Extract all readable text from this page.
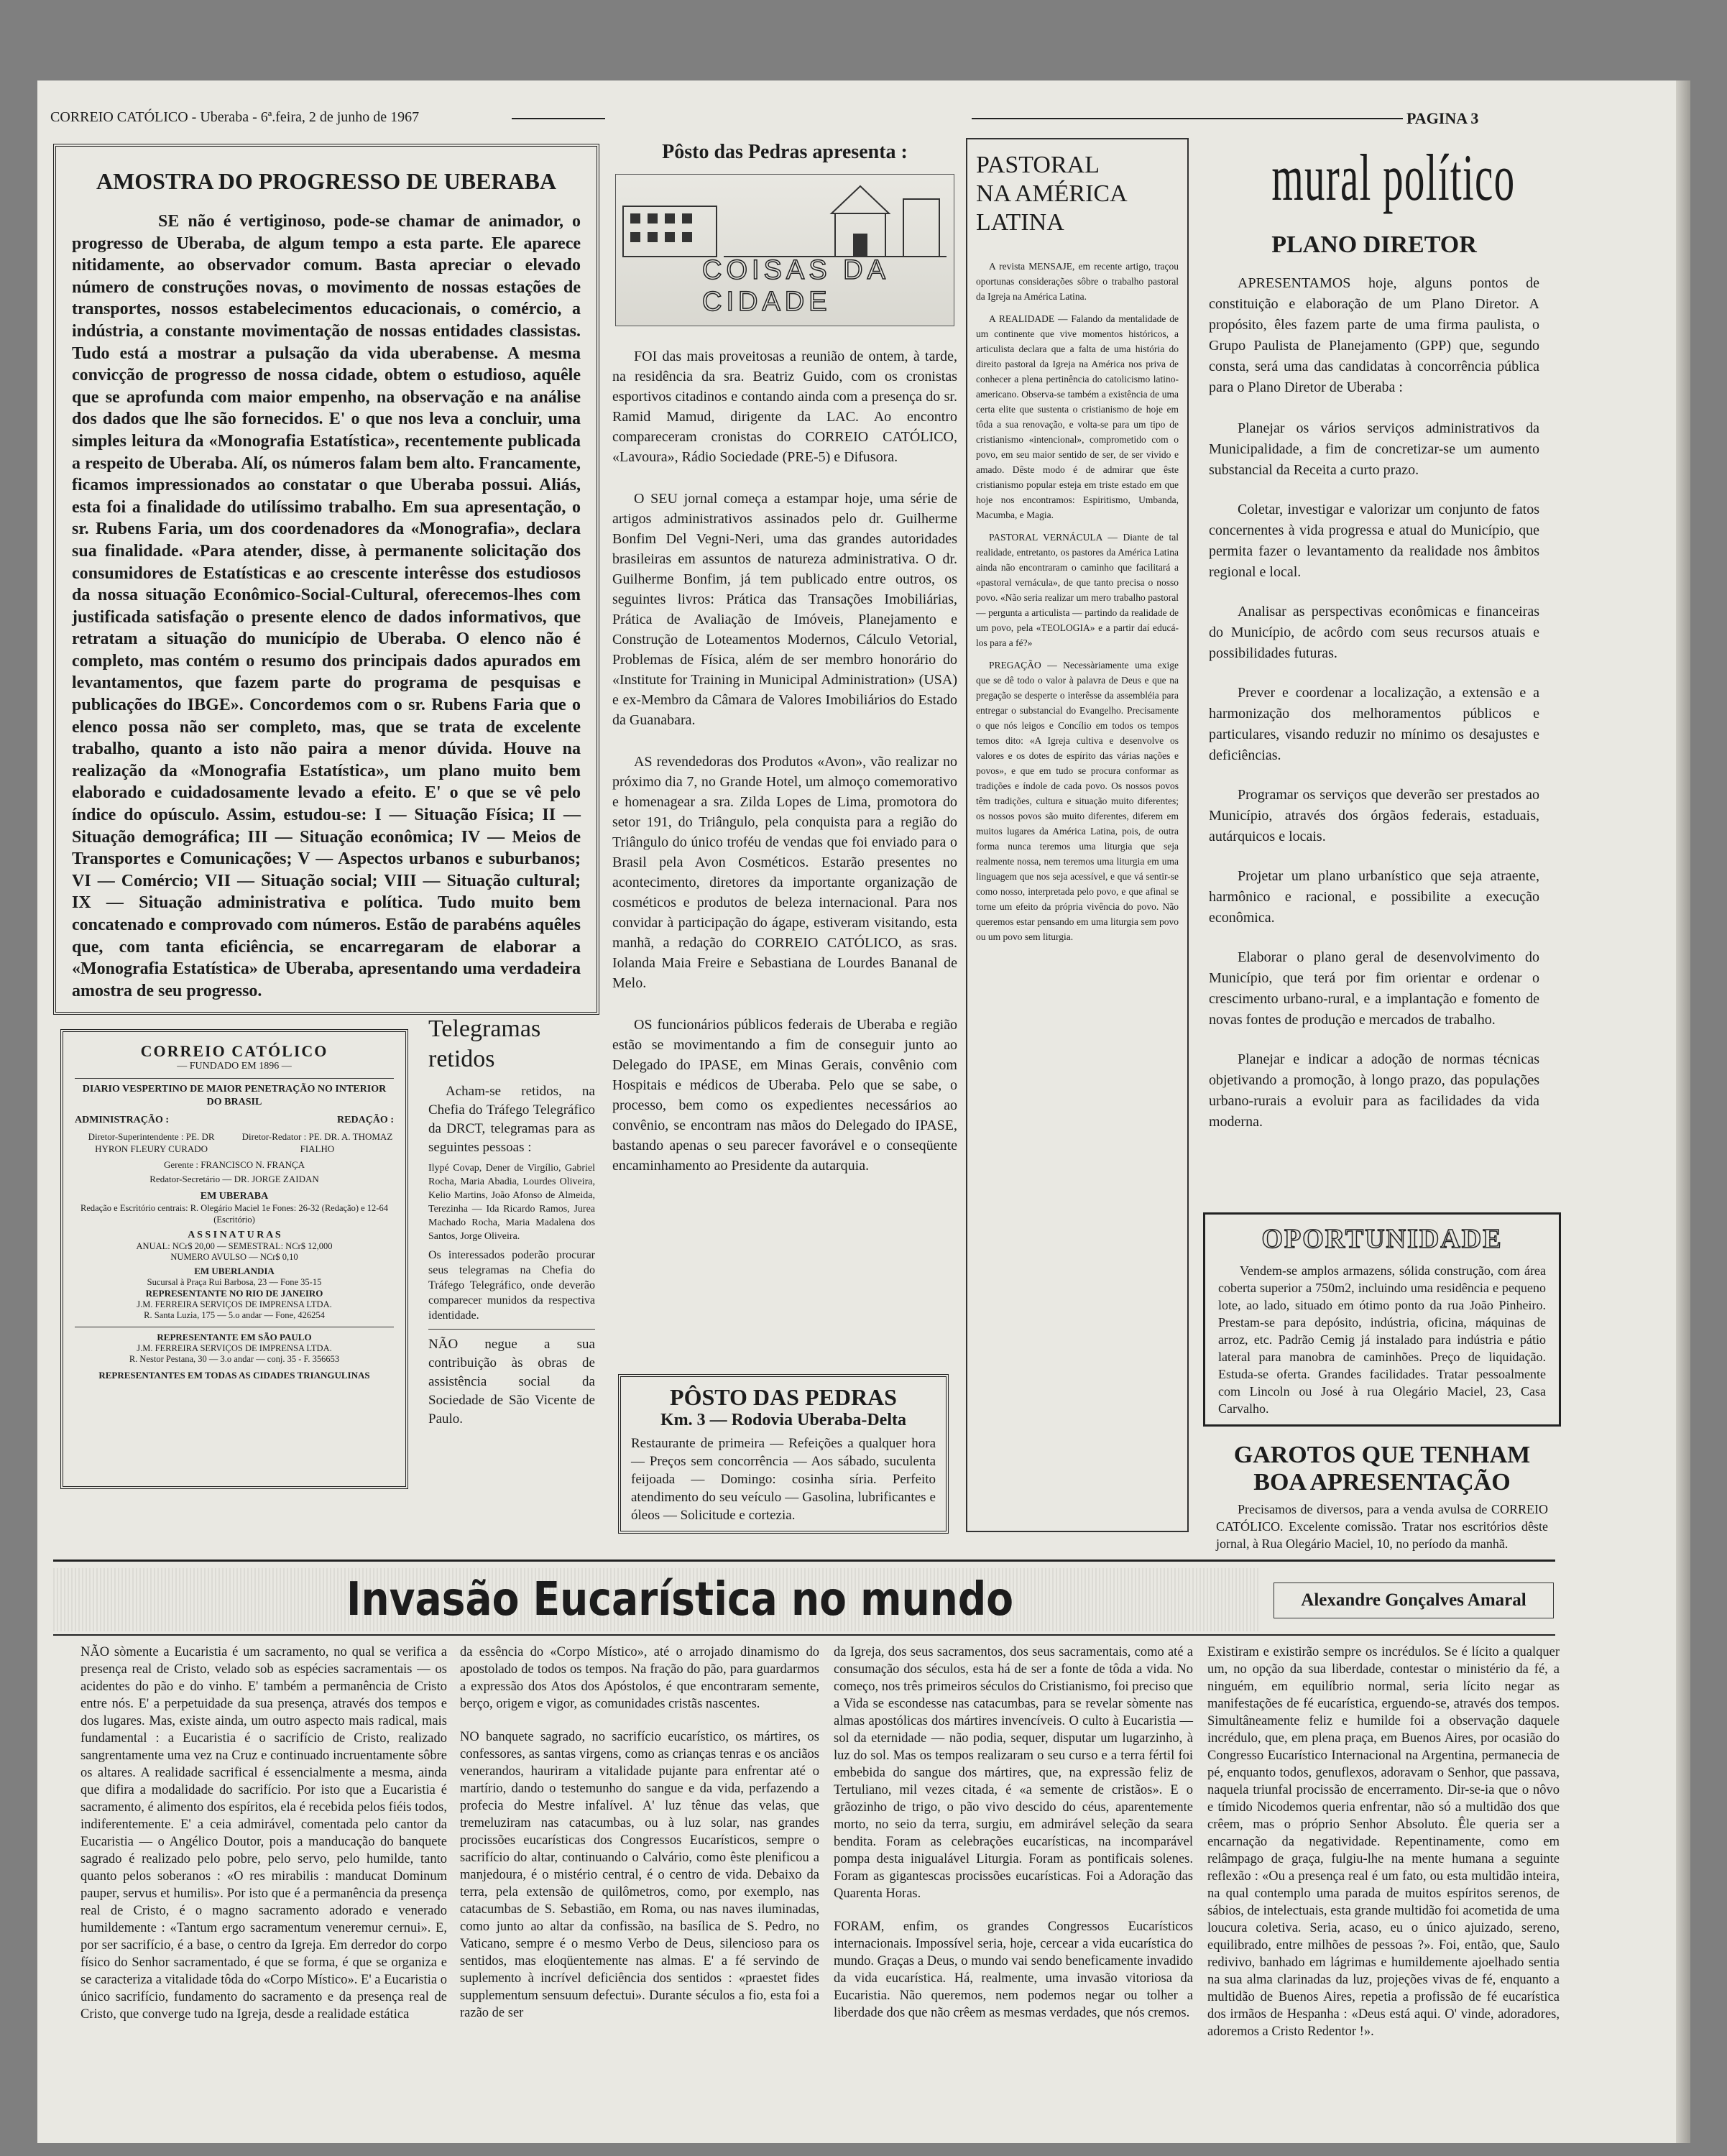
CORREIO CATÓLICO - Uberaba - 6ª.feira, 2 de junho de 1967	PAGINA 3
AMOSTRA DO PROGRESSO DE UBERABA

SE não é vertiginoso, pode-se chamar de animador, o progresso de Uberaba, de algum tempo a esta parte. Ele aparece nitidamente, ao observador comum. Basta apreciar o elevado número de construções novas, o movimento de nossas estações de transportes, nossos estabelecimentos educacionais, o comércio, a indústria, a constante movimentação de nossas entidades classistas. Tudo está a mostrar a pulsação da vida uberabense. A mesma convicção de progresso de nossa cidade, obtem o estudioso, aquêle que se aprofunda com maior empenho, na observação e na análise dos dados que lhe são fornecidos. E' o que nos leva a concluir, uma simples leitura da «Monografia Estatística», recentemente publicada a respeito de Uberaba. Alí, os números falam bem alto. Francamente, ficamos impressionados ao constatar o que Uberaba possui. Aliás, esta foi a finalidade do utilíssimo trabalho. Em sua apresentação, o sr. Rubens Faria, um dos coordenadores da «Monografia», declara sua finalidade. «Para atender, disse, à permanente solicitação dos consumidores de Estatísticas e ao crescente interêsse dos estudiosos da nossa situação Econômico-Social-Cultural, oferecemos-lhes com justificada satisfação o presente elenco de dados informativos, que retratam a situação do município de Uberaba. O elenco não é completo, mas contém o resumo dos principais dados apurados em levantamentos, que fazem parte do programa de pesquisas e publicações do IBGE». Concordemos com o sr. Rubens Faria que o elenco possa não ser completo, mas, que se trata de excelente trabalho, quanto a isto não paira a menor dúvida. Houve na realização da «Monografia Estatística», um plano muito bem elaborado e cuidadosamente levado a efeito. E' o que se vê pelo índice do opúsculo. Assim, estudou-se: I — Situação Física; II — Situação demográfica; III — Situação econômica; IV — Meios de Transportes e Comunicações; V — Aspectos urbanos e suburbanos; VI — Comércio; VII — Situação social; VIII — Situação cultural; IX — Situação administrativa e política. Tudo muito bem concatenado e comprovado com números. Estão de parabéns aquêles que, com tanta eficiência, se encarregaram de elaborar a «Monografia Estatística» de Uberaba, apresentando uma verdadeira amostra de seu progresso.

CORREIO CATÓLICO
— FUNDADO EM 1896 —
DIARIO VESPERTINO DE MAIOR PENETRAÇÃO NO INTERIOR DO BRASIL
ADMINISTRAÇÃO :	REDAÇÃO :
Diretor-Superintendente : PE. DR HYRON FLEURY CURADO
Diretor-Redator : PE. DR. A. THOMAZ FIALHO
Gerente : FRANCISCO N. FRANÇA
Redator-Secretário — DR. JORGE ZAIDAN
EM UBERABA
Redação e Escritório centrais: R. Olegário Maciel 1e Fones: 26-32 (Redação) e 12-64 (Escritório)
A S S I N A T U R A S
ANUAL: NCr$ 20,00 — SEMESTRAL: NCr$ 12,000
NUMERO AVULSO — NCr$ 0,10
EM UBERLANDIA
Sucursal à Praça Rui Barbosa, 23 — Fone 35-15
REPRESENTANTE NO RIO DE JANEIRO
J.M. FERREIRA SERVIÇOS DE IMPRENSA LTDA.
R. Santa Luzia, 175 — 5.o andar — Fone, 426254
REPRESENTANTE EM SÃO PAULO
J.M. FERREIRA SERVIÇOS DE IMPRENSA LTDA.
R. Nestor Pestana, 30 — 3.o andar — conj. 35 - F. 356653
REPRESENTANTES EM TODAS AS CIDADES TRIANGULINAS
Telegramas
retidos

Acham-se retidos, na Chefia do Tráfego Telegráfico da DRCT, telegramas para as seguintes pessoas :

Ilypé Covap, Dener de Virgílio, Gabriel Rocha, Maria Abadia, Lourdes Oliveira, Kelio Martins, João Afonso de Almeida, Terezinha — Ida Ricardo Ramos, Jurea Machado Rocha, Maria Madalena dos Santos, Jorge Oliveira.

Os interessados poderão procurar seus telegramas na Chefia do Tráfego Telegráfico, onde deverão comparecer munidos da respectiva identidade.

NÃO negue a sua contribuição às obras de assistência social da Sociedade de São Vicente de Paulo.

Pôsto das Pedras apresenta :
COISAS DA
CIDADE

FOI das mais proveitosas a reunião de ontem, à tarde, na residência da sra. Beatriz Guido, com os cronistas esportivos citadinos e contando ainda com a presença do sr. Ramid Mamud, dirigente da LAC. Ao encontro compareceram cronistas do CORREIO CATÓLICO, «Lavoura», Rádio Sociedade (PRE-5) e Difusora.

O SEU jornal começa a estampar hoje, uma série de artigos administrativos assinados pelo dr. Guilherme Bonfim Del Vegni-Neri, uma das grandes autoridades brasileiras em assuntos de natureza administrativa. O dr. Guilherme Bonfim, já tem publicado entre outros, os seguintes livros: Prática das Transações Imobiliárias, Prática de Avaliação de Imóveis, Planejamento e Construção de Loteamentos Modernos, Cálculo Vetorial, Problemas de Física, além de ser membro honorário do «Institute for Training in Municipal Administration» (USA) e ex-Membro da Câmara de Valores Imobiliários do Estado da Guanabara.

AS revendedoras dos Produtos «Avon», vão realizar no próximo dia 7, no Grande Hotel, um almoço comemorativo e homenagear a sra. Zilda Lopes de Lima, promotora do setor 191, do Triângulo, pela conquista para a região do Triângulo do único troféu de vendas que foi enviado para o Brasil pela Avon Cosméticos. Estarão presentes no acontecimento, diretores da importante organização de cosméticos e produtos de beleza internacional. Para nos convidar à participação do ágape, estiveram visitando, esta manhã, a redação do CORREIO CATÓLICO, as sras. Iolanda Maia Freire e Sebastiana de Lourdes Bananal de Melo.

OS funcionários públicos federais de Uberaba e região estão se movimentando a fim de conseguir junto ao Delegado do IPASE, em Minas Gerais, convênio com Hospitais e médicos de Uberaba. Pelo que se sabe, o processo, bem como os expedientes necessários ao convênio, se encontram nas mãos do Delegado do IPASE, bastando apenas o seu parecer favorável e o conseqüente encaminhamento ao Presidente da autarquia.

PÔSTO DAS PEDRAS
Km. 3 — Rodovia Uberaba-Delta

Restaurante de primeira — Refeições a qualquer hora — Preços sem concorrência — Aos sábado, suculenta feijoada — Domingo: cosinha síria. Perfeito atendimento do seu veículo — Gasolina, lubrificantes e óleos — Solicitude e cortezia.

PASTORAL
NA AMÉRICA
LATINA

A revista MENSAJE, em recente artigo, traçou oportunas considerações sôbre o trabalho pastoral da Igreja na América Latina.

A REALIDADE — Falando da mentalidade de um continente que vive momentos históricos, a articulista declara que a falta de uma história do direito pastoral da Igreja na América nos priva de conhecer a plena pertinência do catolicismo latino-americano. Observa-se também a existência de uma certa elite que sustenta o cristianismo de hoje em tôda a sua renovação, e volta-se para um tipo de cristianismo «intencional», comprometido com o povo, em seu maior sentido de ser, de ser vivido e amado. Dêste modo é de admirar que êste cristianismo popular esteja em triste estado em que hoje nos encontramos: Espiritismo, Umbanda, Macumba, e Magia.

PASTORAL VERNÁCULA — Diante de tal realidade, entretanto, os pastores da América Latina ainda não encontraram o caminho que facilitará a «pastoral vernácula», de que tanto precisa o nosso povo. «Não seria realizar um mero trabalho pastoral — pergunta a articulista — partindo da realidade de um povo, pela «TEOLOGIA» e a partir daí educá-los para a fé?»

PREGAÇÃO — Necessàriamente uma exige que se dê todo o valor à palavra de Deus e que na pregação se desperte o interêsse da assembléia para entregar o substancial do Evangelho. Precisamente o que nós leigos e Concílio em todos os tempos temos dito: «A Igreja cultiva e desenvolve os valores e os dotes de espírito das várias nações e povos», e que em tudo se procura conformar as tradições e índole de cada povo. Os nossos povos têm tradições, cultura e situação muito diferentes; os nossos povos são muito diferentes, diferem em muitos lugares da América Latina, pois, de outra forma nunca teremos uma liturgia que seja realmente nossa, nem teremos uma liturgia em uma linguagem que nos seja acessível, e que vá sentir-se como nosso, interpretada pelo povo, e que afinal se torne um efeito da própria vivência do povo. Não queremos estar pensando em uma liturgia sem povo ou um povo sem liturgia.

mural político
PLANO DIRETOR

APRESENTAMOS hoje, alguns pontos de constituição e elaboração de um Plano Diretor. A propósito, êles fazem parte de uma firma paulista, o Grupo Paulista de Planejamento (GPP) que, segundo consta, será uma das candidatas à concorrência pública para o Plano Diretor de Uberaba :

Planejar os vários serviços administrativos da Municipalidade, a fim de concretizar-se um aumento substancial da Receita a curto prazo.

Coletar, investigar e valorizar um conjunto de fatos concernentes à vida progressa e atual do Município, que permita fazer o levantamento da realidade nos âmbitos regional e local.

Analisar as perspectivas econômicas e financeiras do Município, de acôrdo com seus recursos atuais e possibilidades futuras.

Prever e coordenar a localização, a extensão e a harmonização dos melhoramentos públicos e particulares, visando reduzir no mínimo os desajustes e deficiências.

Programar os serviços que deverão ser prestados ao Município, através dos órgãos federais, estaduais, autárquicos e locais.

Projetar um plano urbanístico que seja atraente, harmônico e racional, e possibilite a execução econômica.

Elaborar o plano geral de desenvolvimento do Município, que terá por fim orientar e ordenar o crescimento urbano-rural, e a implantação e fomento de novas fontes de produção e mercados de trabalho.

Planejar e indicar a adoção de normas técnicas objetivando a promoção, à longo prazo, das populações urbano-rurais a evoluir para as facilidades da vida moderna.

OPORTUNIDADE

Vendem-se amplos armazens, sólida construção, com área coberta superior a 750m2, incluindo uma residência e pequeno lote, ao lado, situado em ótimo ponto da rua João Pinheiro. Prestam-se para depósito, indústria, oficina, máquinas de arroz, etc. Padrão Cemig já instalado para indústria e pátio lateral para manobra de caminhões. Preço de liquidação. Estuda-se oferta. Grandes facilidades. Tratar pessoalmente com Lincoln ou José à rua Olegário Maciel, 23, Casa Carvalho.

GAROTOS QUE TENHAM
BOA APRESENTAÇÃO

Precisamos de diversos, para a venda avulsa de CORREIO CATÓLICO. Excelente comissão. Tratar nos escritórios dêste jornal, à Rua Olegário Maciel, 10, no período da manhã.

Invasão Eucarística no mundo	Alexandre Gonçalves Amaral

NÃO sòmente a Eucaristia é um sacramento, no qual se verifica a presença real de Cristo, velado sob as espécies sacramentais — os acidentes do pão e do vinho. E' também a permanência de Cristo entre nós. E' a perpetuidade da sua presença, através dos tempos e dos lugares. Mas, existe ainda, um outro aspecto mais radical, mais fundamental : a Eucaristia é o sacrifício de Cristo, realizado sangrentamente uma vez na Cruz e continuado incruentamente sôbre os altares. A realidade sacrifical é essencialmente a mesma, ainda que difira a modalidade do sacrifício. Por isto que a Eucaristia é sacramento, é alimento dos espíritos, ela é recebida pelos fiéis todos, indiferentemente. E' a ceia admirável, comentada pelo cantor da Eucaristia — o Angélico Doutor, pois a manducação do banquete sagrado é realizado pelo pobre, pelo servo, pelo humilde, tanto quanto pelos soberanos : «O res mirabilis : manducat Dominum pauper, servus et humilis». Por isto que é a permanência da presença real de Cristo, é o magno sacramento adorado e venerado humildemente : «Tantum ergo sacramentum veneremur cernui». E, por ser sacrifício, é a base, o centro da Igreja. Em derredor do corpo físico do Senhor sacramentado, é que se forma, é que se organiza e se caracteriza a vitalidade tôda do «Corpo Místico». E' a Eucaristia o único sacrifício, fundamento do sacramento e da presença real de Cristo, que converge tudo na Igreja, desde a realidade estática

da essência do «Corpo Místico», até o arrojado dinamismo do apostolado de todos os tempos. Na fração do pão, para guardarmos a expressão dos Atos dos Apóstolos, é que encontraram semente, berço, origem e vigor, as comunidades cristãs nascentes.

NO banquete sagrado, no sacrifício eucarístico, os mártires, os confessores, as santas virgens, como as crianças tenras e os anciãos venerandos, hauriram a vitalidade pujante para enfrentar até o martírio, dando o testemunho do sangue e da vida, perfazendo a profecia do Mestre infalível. A' luz tênue das velas, que tremeluziram nas catacumbas, ou à luz solar, nas grandes procissões eucarísticas dos Congressos Eucarísticos, sempre o sacrifício do altar, continuando o Calvário, como êste plenificou a manjedoura, é o mistério central, é o centro de vida. Debaixo da terra, pela extensão de quilômetros, como, por exemplo, nas catacumbas de S. Sebastião, em Roma, ou nas naves iluminadas, como junto ao altar da confissão, na basílica de S. Pedro, no Vaticano, sempre é o mesmo Verbo de Deus, silencioso para os sentidos, mas eloqüentemente nas almas. E' a fé servindo de suplemento à incrível deficiência dos sentidos : «praestet fides supplementum sensuum defectui». Durante séculos a fio, esta foi a razão de ser

da Igreja, dos seus sacramentos, dos seus sacramentais, como até a consumação dos séculos, esta há de ser a fonte de tôda a vida. No começo, nos três primeiros séculos do Cristianismo, foi preciso que a Vida se escondesse nas catacumbas, para se revelar sòmente nas almas apostólicas dos mártires invencíveis. O culto à Eucaristia — sol da eternidade — não podia, sequer, disputar um lugarzinho, à luz do sol. Mas os tempos realizaram o seu curso e a terra fértil foi embebida do sangue dos mártires, que, na expressão feliz de Tertuliano, mil vezes citada, é «a semente de cristãos». E o grãozinho de trigo, o pão vivo descido do céus, aparentemente morto, no seio da terra, surgiu, em admirável seleção da seara bendita. Foram as celebrações eucarísticas, na incomparável pompa desta inigualável Liturgia. Foram as pontificais solenes. Foram as gigantescas procissões eucarísticas. Foi a Adoração das Quarenta Horas.

FORAM, enfim, os grandes Congressos Eucarísticos internacionais. Impossível seria, hoje, cercear a vida eucarística do mundo. Graças a Deus, o mundo vai sendo beneficamente invadido da vida eucarística. Há, realmente, uma invasão vitoriosa da Eucaristia. Não queremos, nem podemos negar ou tolher a liberdade dos que não crêem as mesmas verdades, que nós cremos.

Existiram e existirão sempre os incrédulos. Se é lícito a qualquer um, no opção da sua liberdade, contestar o ministério da fé, a ninguém, em equilíbrio normal, seria lícito negar as manifestações de fé eucarística, erguendo-se, através dos tempos. Simultâneamente feliz e humilde foi a observação daquele incrédulo, que, em plena praça, em Buenos Aires, por ocasião do Congresso Eucarístico Internacional na Argentina, permanecia de pé, enquanto todos, genuflexos, adoravam o Senhor, que passava, naquela triunfal procissão de encerramento. Dir-se-ia que o nôvo e tímido Nicodemos queria enfrentar, não só a multidão dos que crêem, mas o próprio Senhor Absoluto. Êle queria ser a encarnação da negatividade. Repentinamente, como em relâmpago de graça, fulgiu-lhe na mente humana a seguinte reflexão : «Ou a presença real é um fato, ou esta multidão inteira, na qual contemplo uma parada de muitos espíritos serenos, de sábios, de intelectuais, esta grande multidão foi acometida de uma loucura coletiva. Seria, acaso, eu o único ajuizado, sereno, equilibrado, entre milhões de pessoas ?». Foi, então, que, Saulo redivivo, banhado em lágrimas e humildemente ajoelhado sentia na sua alma clarinadas da luz, projeções vivas de fé, enquanto a multidão de Buenos Aires, repetia a profissão de fé eucarística dos irmãos de Hespanha : «Deus está aqui. O' vinde, adoradores, adoremos a Cristo Redentor !».
